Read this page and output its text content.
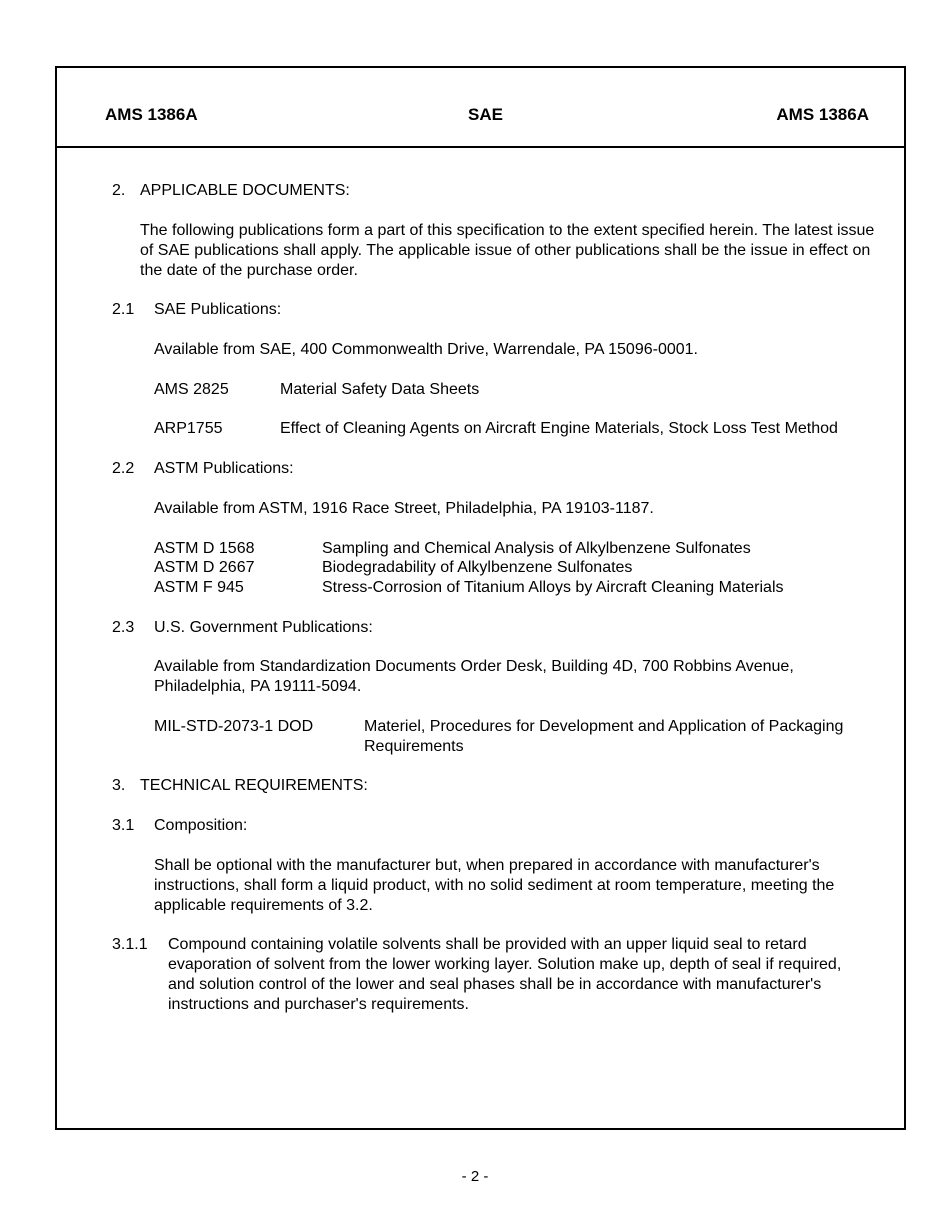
AMS 1386A	SAE	AMS 1386A
2. APPLICABLE DOCUMENTS:
The following publications form a part of this specification to the extent specified herein. The latest issue of SAE publications shall apply. The applicable issue of other publications shall be the issue in effect on the date of the purchase order.
2.1 SAE Publications:
Available from SAE, 400 Commonwealth Drive, Warrendale, PA 15096-0001.
AMS 2825	Material Safety Data Sheets
ARP1755	Effect of Cleaning Agents on Aircraft Engine Materials, Stock Loss Test Method
2.2 ASTM Publications:
Available from ASTM, 1916 Race Street, Philadelphia, PA 19103-1187.
ASTM D 1568	Sampling and Chemical Analysis of Alkylbenzene Sulfonates
ASTM D 2667	Biodegradability of Alkylbenzene Sulfonates
ASTM F 945	Stress-Corrosion of Titanium Alloys by Aircraft Cleaning Materials
2.3 U.S. Government Publications:
Available from Standardization Documents Order Desk, Building 4D, 700 Robbins Avenue, Philadelphia, PA 19111-5094.
MIL-STD-2073-1 DOD	Materiel, Procedures for Development and Application of Packaging Requirements
3. TECHNICAL REQUIREMENTS:
3.1 Composition:
Shall be optional with the manufacturer but, when prepared in accordance with manufacturer's instructions, shall form a liquid product, with no solid sediment at room temperature, meeting the applicable requirements of 3.2.
3.1.1 Compound containing volatile solvents shall be provided with an upper liquid seal to retard evaporation of solvent from the lower working layer. Solution make up, depth of seal if required, and solution control of the lower and seal phases shall be in accordance with manufacturer's instructions and purchaser's requirements.
- 2 -
